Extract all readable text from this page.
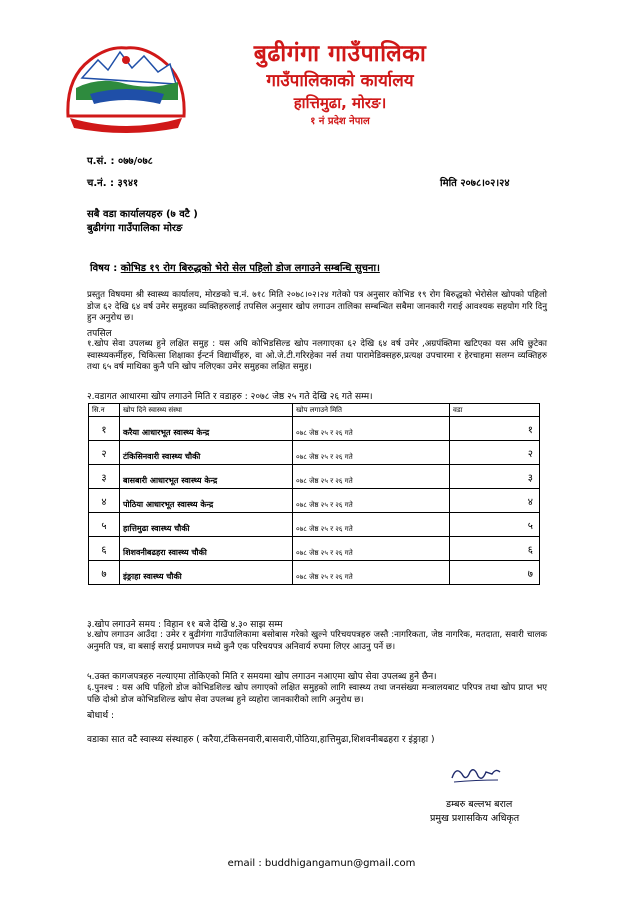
बुढीगंगा गाउँपालिका
गाउँपालिकाको कार्यालय
हात्तिमुढा, मोरङ।
१ नं प्रदेश नेपाल
प.सं. : ०७७/०७८
च.नं. : ३९४१	मिति २०७८।०२।२४
सबै वडा कार्यालयहरु (७ वटै )
बुढीगंगा गाउँपालिका मोरङ
विषय : कोभिड १९ रोग बिरुद्धको भेरो सेल पहिलो डोज लगाउने सम्बन्धि सुचना।
प्रस्तुत विषयमा श्री स्वास्थ्य कार्यालय, मोरङको च.नं. ७१८ मिति २०७८।०२।२४ गतेको पत्र अनुसार कोभिड १९ रोग बिरुद्धको भेरोसेल खोपको पहिलो डोज ६२ देखि ६४ वर्ष उमेर समुहका व्यक्तिहरुलाई तपसिल अनुसार खोप लगाउन तालिका सम्बन्धित सबैमा जानकारी गराई आवश्यक सहयोग गरि दिनु हुन अनुरोध छ।
तपसिल
१.खोप सेवा उपलब्ध हुने लक्षित समुह : यस अघि कोभिडसिल्ड खोप नलगाएका ६२ देखि ६४ वर्ष उमेर ,अग्रपंक्तिमा खटिएका यस अघि छुटेका स्वास्थ्यकर्मीहरु, चिकित्सा शिक्षाका ईन्टर्न विद्यार्थीहरु, वा ओ.जे.टी.गरिरहेका नर्स तथा पारामेडिक्सहरु,प्रत्यक्ष उपचारमा र हेरचाहमा सलग्न व्यक्तिहरु तथा ६५ वर्ष माथिका कुनै पनि खोप नलिएका उमेर समुहका लक्षित समुह।
२.वडागत आधारमा खोप लगाउने मिति र वडाहरु : २०७८ जेष्ठ २५ गते देखि २६ गते सम्म।
सि.न	खोप दिने स्वास्थ्य संस्था	खोप लगाउने मिति	वडा
१	करैया आधारभूत स्वास्थ्य केन्द्र	०७८ जेष्ठ २५ र २६ गते	१
२	टंकिसिनवारी स्वास्थ्य चौकी	०७८ जेष्ठ २५ र २६ गते	२
३	बासबारी आधारभूत स्वास्थ्य केन्द्र	०७८ जेष्ठ २५ र २६ गते	३
४	पोठिया आधारभूत स्वास्थ्य केन्द्र	०७८ जेष्ठ २५ र २६ गते	४
५	हात्तिमुढा स्वास्थ्य चौकी	०७८ जेष्ठ २५ र २६ गते	५
६	शिशवनीबढहरा स्वास्थ्य चौकी	०७८ जेष्ठ २५ र २६ गते	६
७	इंङ्राहा स्वास्थ्य चौकी	०७८ जेष्ठ २५ र २६ गते	७
३.खोप लगाउने समय : विहान ११ बजे देखि ४.३० साझ सम्म
४.खोप लगाउन आउँदा : उमेर र बुढीगंगा गाउँपालिकामा बसोबास गरेको खुल्ने परिचयपत्रहरु जस्तै :नागरिकता, जेष्ठ नागरिक, मतदाता, सवारी चालक अनुमति पत्र, वा बसाई सराई प्रमाणपत्र मध्ये कुनै एक परिचयपत्र अनिवार्य रुपमा लिएर आउनु पर्ने छ।
५.उक्त कागजपत्रहरु नल्याएमा तोकिएको मिति र समयमा खोप लगाउन नआएमा खोप सेवा उपलब्ध हुने छैन।
६.पुनश्च : यस अघि पहिलो डोज कोभिडशिल्ड खोप लगाएको लक्षित समुहको लागि स्वास्थ्य तथा जनसंख्या मन्त्रालयबाट परिपत्र तथा खोप प्राप्त भए पछि दोश्रो डोज कोभिडशिल्ड खोप सेवा उपलब्ध हुने व्यहोरा जानकारीको लागि अनुरोध छ।
बोधार्थ :
वडाका सात वटै स्वास्थ्य संस्थाहरु ( करैया,टंकिसनवारी,बासवारी,पोठिया,हात्तिमुढा,शिशवनीबढहरा र इंङ्राहा )
डम्बरु बल्लभ बराल
प्रमुख प्रशासकिय अधिकृत
email : buddhigangamun@gmail.com
